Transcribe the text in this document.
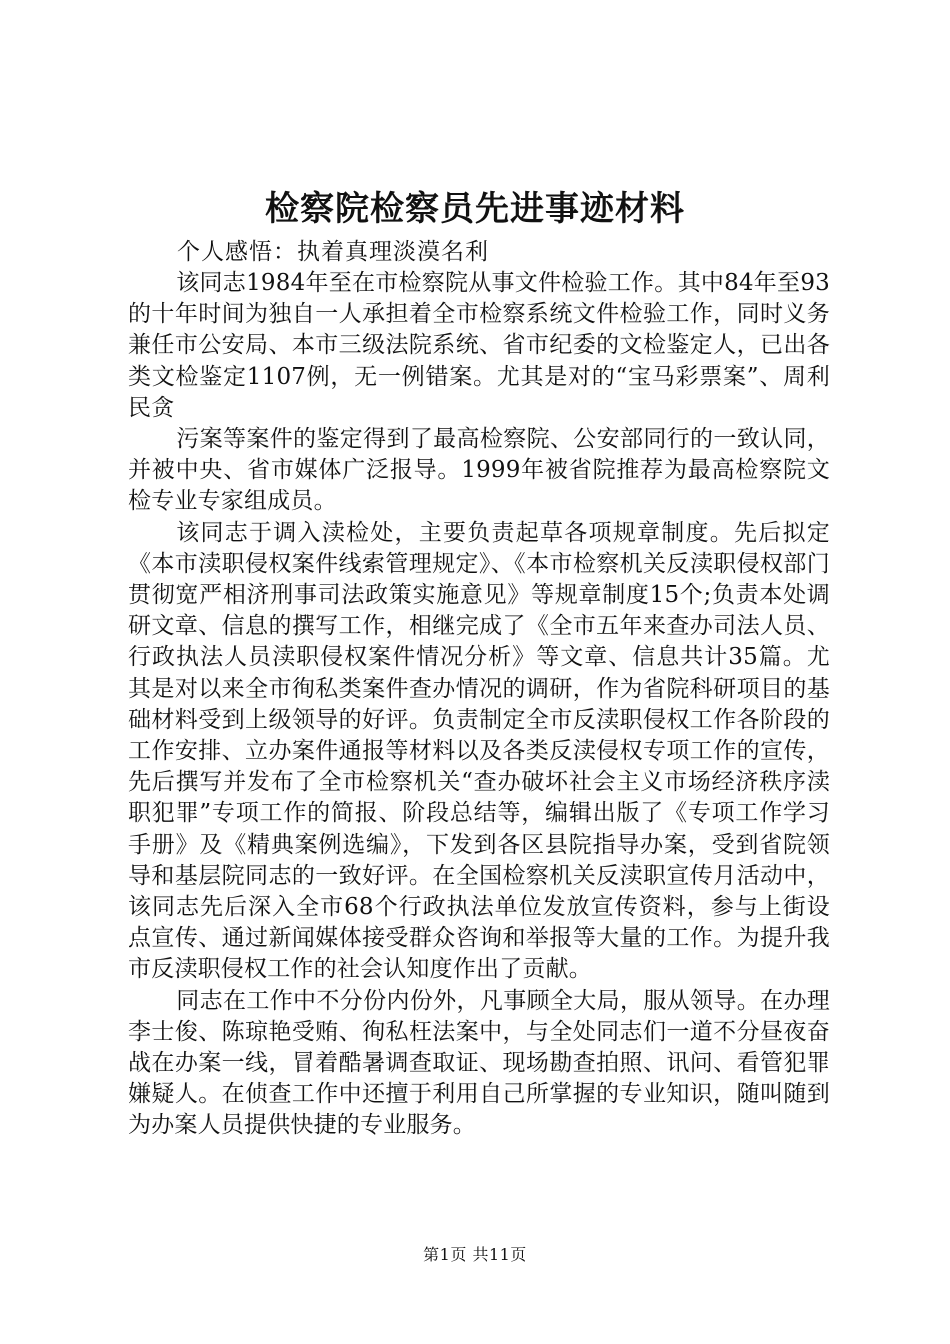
检察院检察员先进事迹材料
个人感悟：执着真理淡漠名利

该同志1984年至在市检察院从事文件检验工作。其中84年至93的十年时间为独自一人承担着全市检察系统文件检验工作，同时义务兼任市公安局、本市三级法院系统、省市纪委的文检鉴定人，已出各类文检鉴定1107例，无一例错案。尤其是对的“宝马彩票案”、周利民贪

污案等案件的鉴定得到了最高检察院、公安部同行的一致认同，并被中央、省市媒体广泛报导。1999年被省院推荐为最高检察院文检专业专家组成员。

该同志于调入渎检处，主要负责起草各项规章制度。先后拟定《本市渎职侵权案件线索管理规定》、《本市检察机关反渎职侵权部门贯彻宽严相济刑事司法政策实施意见》等规章制度15个;负责本处调研文章、信息的撰写工作，相继完成了《全市五年来查办司法人员、行政执法人员渎职侵权案件情况分析》等文章、信息共计35篇。尤其是对以来全市徇私类案件查办情况的调研，作为省院科研项目的基础材料受到上级领导的好评。负责制定全市反渎职侵权工作各阶段的工作安排、立办案件通报等材料以及各类反渎侵权专项工作的宣传，先后撰写并发布了全市检察机关“查办破坏社会主义市场经济秩序渎职犯罪”专项工作的简报、阶段总结等，编辑出版了《专项工作学习手册》及《精典案例选编》，下发到各区县院指导办案，受到省院领导和基层院同志的一致好评。在全国检察机关反渎职宣传月活动中，该同志先后深入全市68个行政执法单位发放宣传资料，参与上街设点宣传、通过新闻媒体接受群众咨询和举报等大量的工作。为提升我市反渎职侵权工作的社会认知度作出了贡献。

同志在工作中不分份内份外，凡事顾全大局，服从领导。在办理李士俊、陈琼艳受贿、徇私枉法案中，与全处同志们一道不分昼夜奋战在办案一线，冒着酷暑调查取证、现场勘查拍照、讯问、看管犯罪嫌疑人。在侦查工作中还擅于利用自己所掌握的专业知识，随叫随到为办案人员提供快捷的专业服务。

第1页 共11页
